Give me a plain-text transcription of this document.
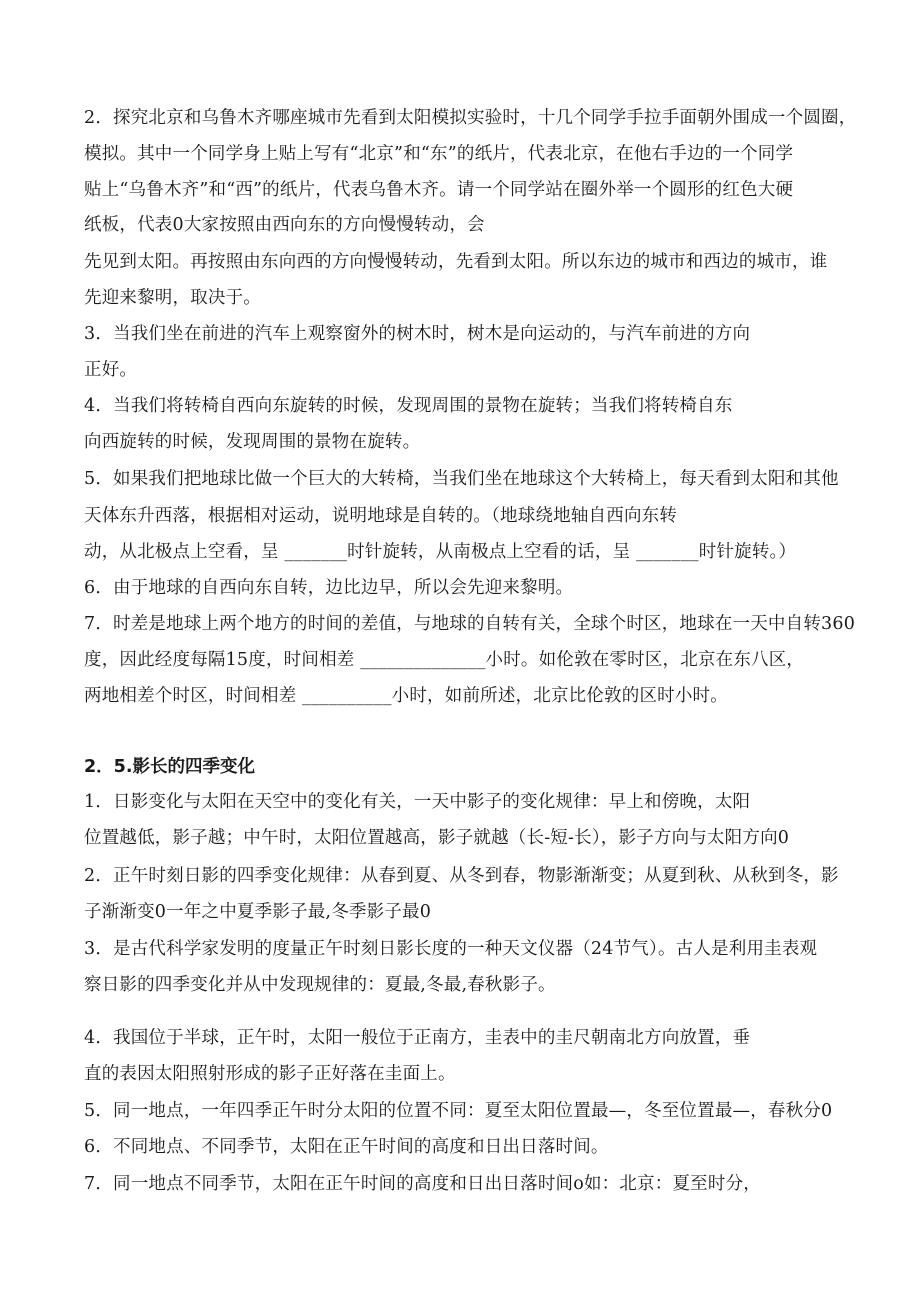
2．探究北京和乌鲁木齐哪座城市先看到太阳模拟实验时，十几个同学手拉手面朝外围成一个圆圈，
模拟。其中一个同学身上贴上写有“北京”和“东”的纸片，代表北京，在他右手边的一个同学
贴上“乌鲁木齐”和“西”的纸片，代表乌鲁木齐。请一个同学站在圈外举一个圆形的红色大硬
纸板，代表0大家按照由西向东的方向慢慢转动，会
先见到太阳。再按照由东向西的方向慢慢转动，先看到太阳。所以东边的城市和西边的城市，谁
先迎来黎明，取决于。
3．当我们坐在前进的汽车上观察窗外的树木时，树木是向运动的，与汽车前进的方向
正好。
4．当我们将转椅自西向东旋转的时候，发现周围的景物在旋转；当我们将转椅自东
向西旋转的时候，发现周围的景物在旋转。
5．如果我们把地球比做一个巨大的大转椅，当我们坐在地球这个大转椅上，每天看到太阳和其他
天体东升西落，根据相对运动，说明地球是自转的。（地球绕地轴自西向东转
动，从北极点上空看，呈 _______时针旋转，从南极点上空看的话，呈 _______时针旋转。）
6．由于地球的自西向东自转，边比边早，所以会先迎来黎明。
7．时差是地球上两个地方的时间的差值，与地球的自转有关，全球个时区，地球在一天中自转360
度，因此经度每隔15度，时间相差 ______________小时。如伦敦在零时区，北京在东八区，
两地相差个时区，时间相差 __________小时，如前所述，北京比伦敦的区时小时。
2．5.影长的四季变化
1．日影变化与太阳在天空中的变化有关，一天中影子的变化规律：早上和傍晚，太阳
位置越低，影子越；中午时，太阳位置越高，影子就越（长-短-长），影子方向与太阳方向0
2．正午时刻日影的四季变化规律：从春到夏、从冬到春，物影渐渐变；从夏到秋、从秋到冬，影
子渐渐变0一年之中夏季影子最,冬季影子最0
3．是古代科学家发明的度量正午时刻日影长度的一种天文仪器（24节气）。古人是利用圭表观
察日影的四季变化并从中发现规律的：夏最,冬最,春秋影子。
4．我国位于半球，正午时，太阳一般位于正南方，圭表中的圭尺朝南北方向放置，垂
直的表因太阳照射形成的影子正好落在圭面上。
5．同一地点，一年四季正午时分太阳的位置不同：夏至太阳位置最—，冬至位置最—，春秋分0
6．不同地点、不同季节，太阳在正午时间的高度和日出日落时间。
7．同一地点不同季节，太阳在正午时间的高度和日出日落时间o如：北京：夏至时分，
